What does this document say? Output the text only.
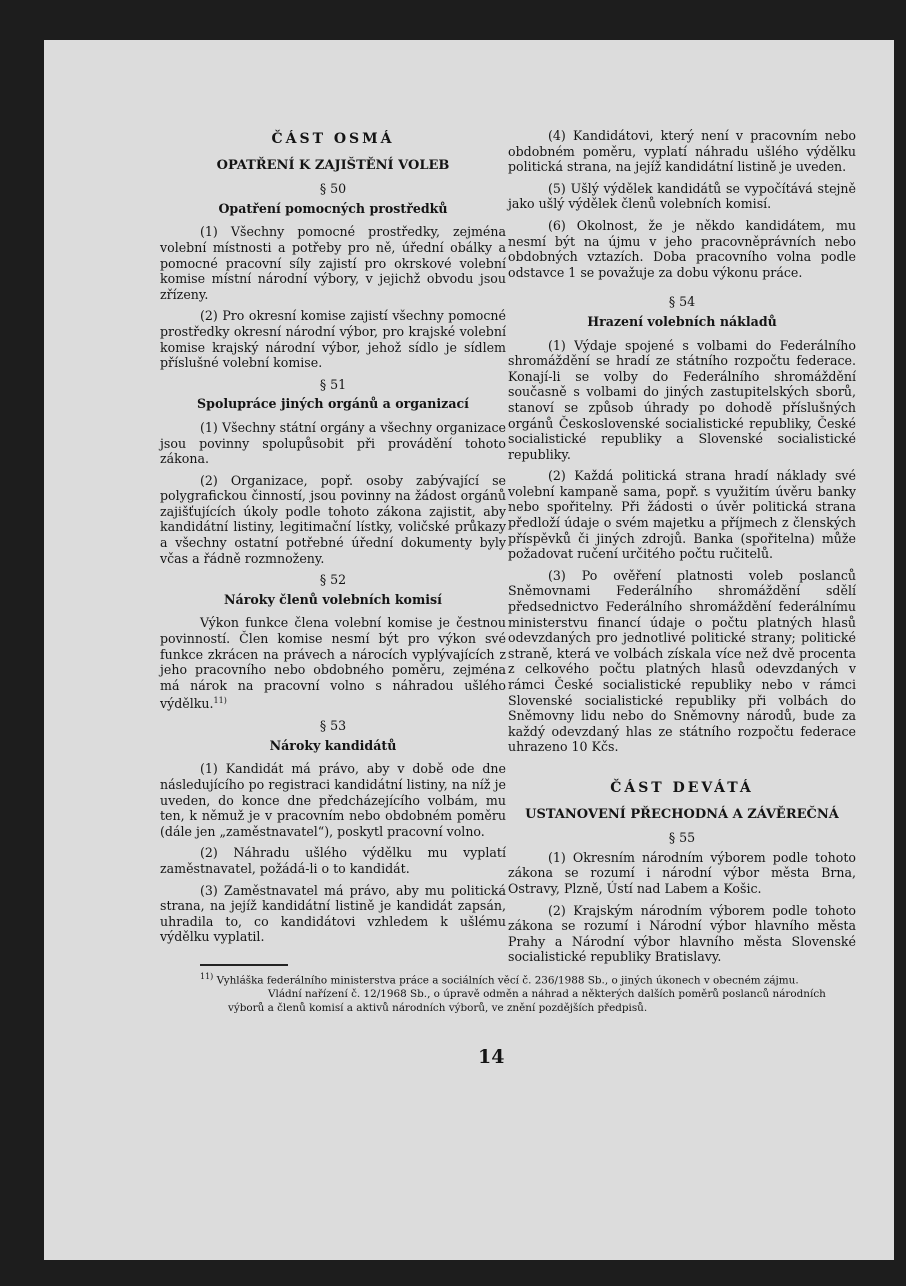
ČÁST OSMÁ
OPATŘENÍ K ZAJIŠTĚNÍ VOLEB
§ 50
Opatření pomocných prostředků

(1) Všechny pomocné prostředky, zejména volební místnosti a potřeby pro ně, úřední obálky a pomocné pracovní síly zajistí pro okrskové volební komise místní národní výbory, v jejichž obvodu jsou zřízeny.

(2) Pro okresní komise zajistí všechny pomocné prostředky okresní národní výbor, pro krajské volební komise krajský národní výbor, jehož sídlo je sídlem příslušné volební komise.

§ 51
Spolupráce jiných orgánů a organizací

(1) Všechny státní orgány a všechny organizace jsou povinny spolupůsobit při provádění tohoto zákona.

(2) Organizace, popř. osoby zabývající se polygrafickou činností, jsou povinny na žádost orgánů zajišťujících úkoly podle tohoto zákona zajistit, aby kandidátní listiny, legitimační lístky, voličské průkazy a všechny ostatní potřebné úřední dokumenty byly včas a řádně rozmnoženy.

§ 52
Nároky členů volebních komisí

Výkon funkce člena volební komise je čestnou povinností. Člen komise nesmí být pro výkon své funkce zkrácen na právech a nárocích vyplývajících z jeho pracovního nebo obdobného poměru, zejména má nárok na pracovní volno s náhradou ušlého výdělku.$^{11)}$

§ 53
Nároky kandidátů

(1) Kandidát má právo, aby v době ode dne následujícího po registraci kandidátní listiny, na níž je uveden, do konce dne předcházejícího volbám, mu ten, k němuž je v pracovním nebo obdobném poměru (dále jen „zaměstnavatel“), poskytl pracovní volno.

(2) Náhradu ušlého výdělku mu vyplatí zaměstnavatel, požádá-li o to kandidát.

(3) Zaměstnavatel má právo, aby mu politická strana, na jejíž kandidátní listině je kandidát zapsán, uhradila to, co kandidátovi vzhledem k ušlému výdělku vyplatil.

(4) Kandidátovi, který není v pracovním nebo obdobném poměru, vyplatí náhradu ušlého výdělku politická strana, na jejíž kandidátní listině je uveden.

(5) Ušlý výdělek kandidátů se vypočítává stejně jako ušlý výdělek členů volebních komisí.

(6) Okolnost, že je někdo kandidátem, mu nesmí být na újmu v jeho pracovněprávních nebo obdobných vztazích. Doba pracovního volna podle odstavce 1 se považuje za dobu výkonu práce.

§ 54
Hrazení volebních nákladů

(1) Výdaje spojené s volbami do Federálního shromáždění se hradí ze státního rozpočtu federace. Konají-li se volby do Federálního shromáždění současně s volbami do jiných zastupitelských sborů, stanoví se způsob úhrady po dohodě příslušných orgánů Československé socialistické republiky, České socialistické republiky a Slovenské socialistické republiky.

(2) Každá politická strana hradí náklady své volební kampaně sama, popř. s využitím úvěru banky nebo spořitelny. Při žádosti o úvěr politická strana předloží údaje o svém majetku a příjmech z členských příspěvků či jiných zdrojů. Banka (spořitelna) může požadovat ručení určitého počtu ručitelů.

(3) Po ověření platnosti voleb poslanců Sněmovnami Federálního shromáždění sdělí předsednictvo Federálního shromáždění federálnímu ministerstvu financí údaje o počtu platných hlasů odevzdaných pro jednotlivé politické strany; politické straně, která ve volbách získala více než dvě procenta z celkového počtu platných hlasů odevzdaných v rámci České socialistické republiky nebo v rámci Slovenské socialistické republiky při volbách do Sněmovny lidu nebo do Sněmovny národů, bude za každý odevzdaný hlas ze státního rozpočtu federace uhrazeno 10 Kčs.

ČÁST DEVÁTÁ
USTANOVENÍ PŘECHODNÁ A ZÁVĚREČNÁ
§ 55

(1) Okresním národním výborem podle tohoto zákona se rozumí i národní výbor města Brna, Ostravy, Plzně, Ústí nad Labem a Košic.

(2) Krajským národním výborem podle tohoto zákona se rozumí i Národní výbor hlavního města Prahy a Národní výbor hlavního města Slovenské socialistické republiky Bratislavy.

$^{11)}$ Vyhláška federálního ministerstva práce a sociálních věcí č. 236/1988 Sb., o jiných úkonech v obecném zájmu.

Vládní nařízení č. 12/1968 Sb., o úpravě odměn a náhrad a některých dalších poměrů poslanců národních výborů a členů komisí a aktivů národních výborů, ve znění pozdějších předpisů.

14
